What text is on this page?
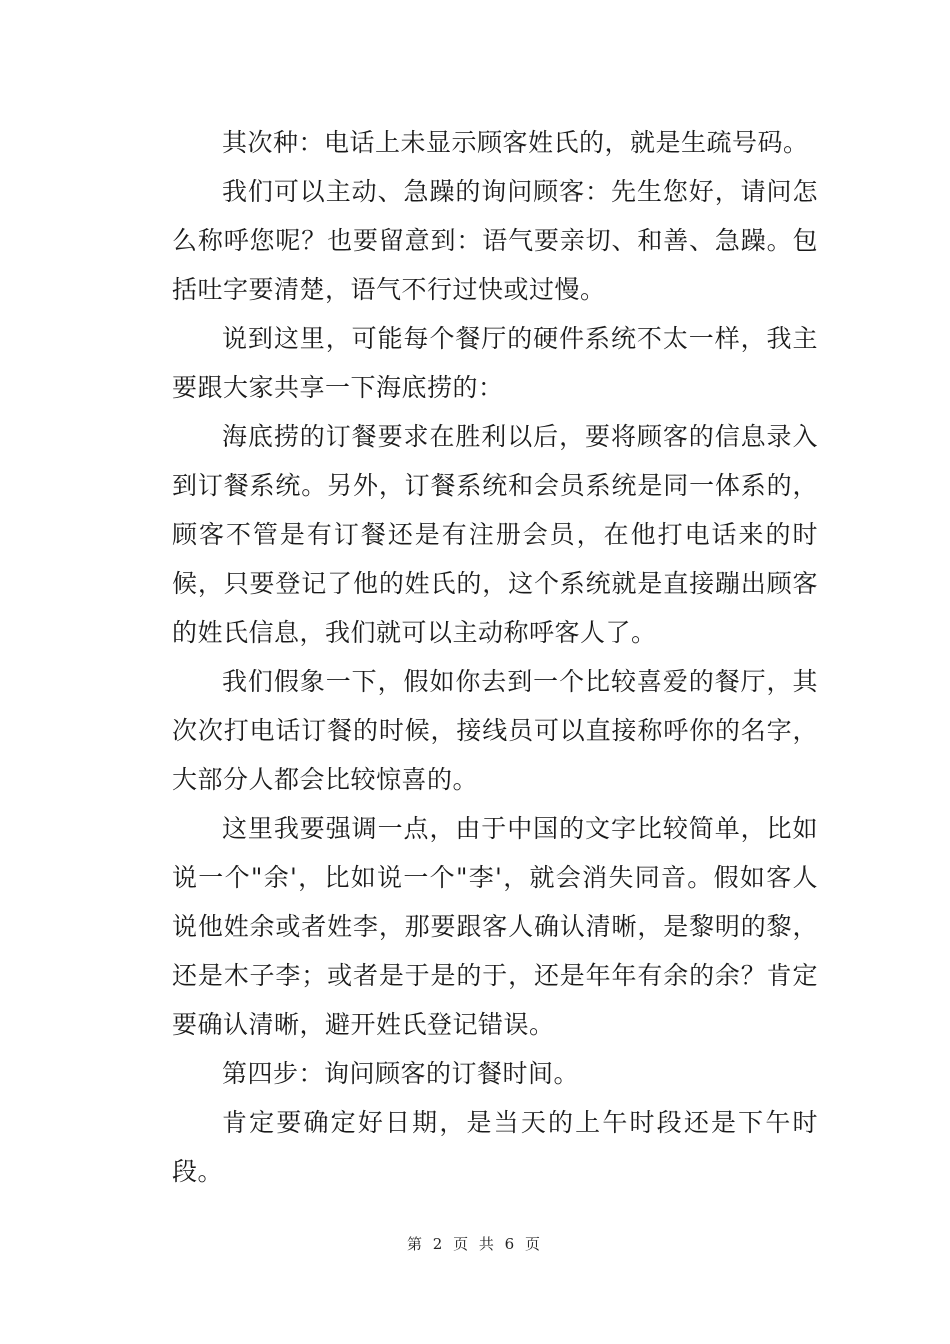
其次种：电话上未显示顾客姓氏的，就是生疏号码。

我们可以主动、急躁的询问顾客：先生您好，请问怎么称呼您呢？也要留意到：语气要亲切、和善、急躁。包括吐字要清楚，语气不行过快或过慢。

说到这里，可能每个餐厅的硬件系统不太一样，我主要跟大家共享一下海底捞的：

海底捞的订餐要求在胜利以后，要将顾客的信息录入到订餐系统。另外，订餐系统和会员系统是同一体系的，顾客不管是有订餐还是有注册会员，在他打电话来的时候，只要登记了他的姓氏的，这个系统就是直接蹦出顾客的姓氏信息，我们就可以主动称呼客人了。

我们假象一下，假如你去到一个比较喜爱的餐厅，其次次打电话订餐的时候，接线员可以直接称呼你的名字，大部分人都会比较惊喜的。

这里我要强调一点，由于中国的文字比较简单，比如说一个"余'，比如说一个"李'，就会消失同音。假如客人说他姓余或者姓李，那要跟客人确认清晰，是黎明的黎，还是木子李；或者是于是的于，还是年年有余的余？肯定要确认清晰，避开姓氏登记错误。

第四步：询问顾客的订餐时间。

肯定要确定好日期，是当天的上午时段还是下午时段。

第 2 页 共 6 页
